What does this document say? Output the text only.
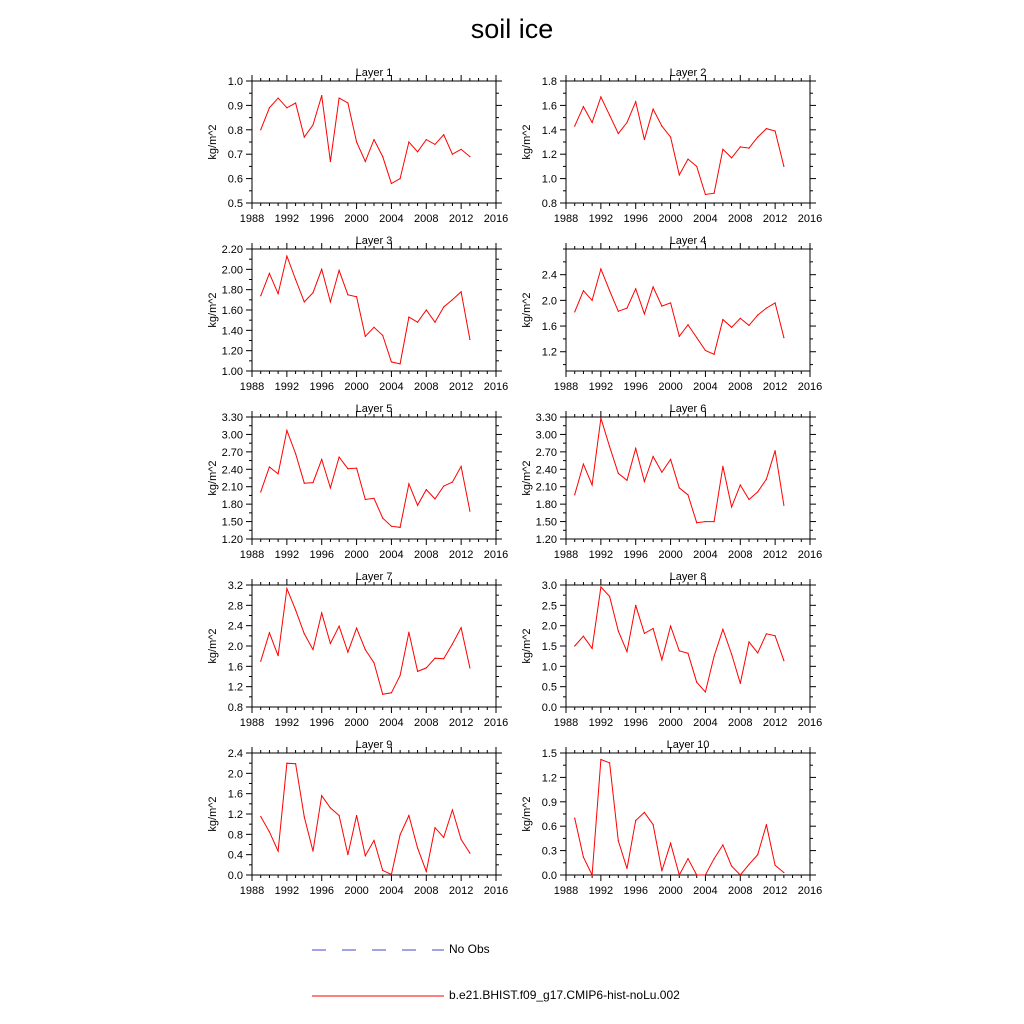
soil ice
Layer 1
kg/m^2
1988 1992 1996 2000 2004 2008 2012 2016
0.5
0.6
0.7
0.8
0.9
1.0
Layer 2
kg/m^2
1988 1992 1996 2000 2004 2008 2012 2016
0.8
1.0
1.2
1.4
1.6
1.8
Layer 3
kg/m^2
1988 1992 1996 2000 2004 2008 2012 2016
1.00
1.20
1.40
1.60
1.80
2.00
2.20
Layer 4
kg/m^2
1988 1992 1996 2000 2004 2008 2012 2016
1.2
1.6
2.0
2.4
Layer 5
kg/m^2
1988 1992 1996 2000 2004 2008 2012 2016
1.20
1.50
1.80
2.10
2.40
2.70
3.00
3.30
Layer 6
kg/m^2
1988 1992 1996 2000 2004 2008 2012 2016
1.20
1.50
1.80
2.10
2.40
2.70
3.00
3.30
Layer 7
kg/m^2
1988 1992 1996 2000 2004 2008 2012 2016
0.8
1.2
1.6
2.0
2.4
2.8
3.2
Layer 8
kg/m^2
1988 1992 1996 2000 2004 2008 2012 2016
0.0
0.5
1.0
1.5
2.0
2.5
3.0
Layer 9
kg/m^2
1988 1992 1996 2000 2004 2008 2012 2016
0.0
0.4
0.8
1.2
1.6
2.0
2.4
Layer 10
kg/m^2
1988 1992 1996 2000 2004 2008 2012 2016
0.0
0.3
0.6
0.9
1.2
1.5
No Obs
b.e21.BHIST.f09_g17.CMIP6-hist-noLu.002
